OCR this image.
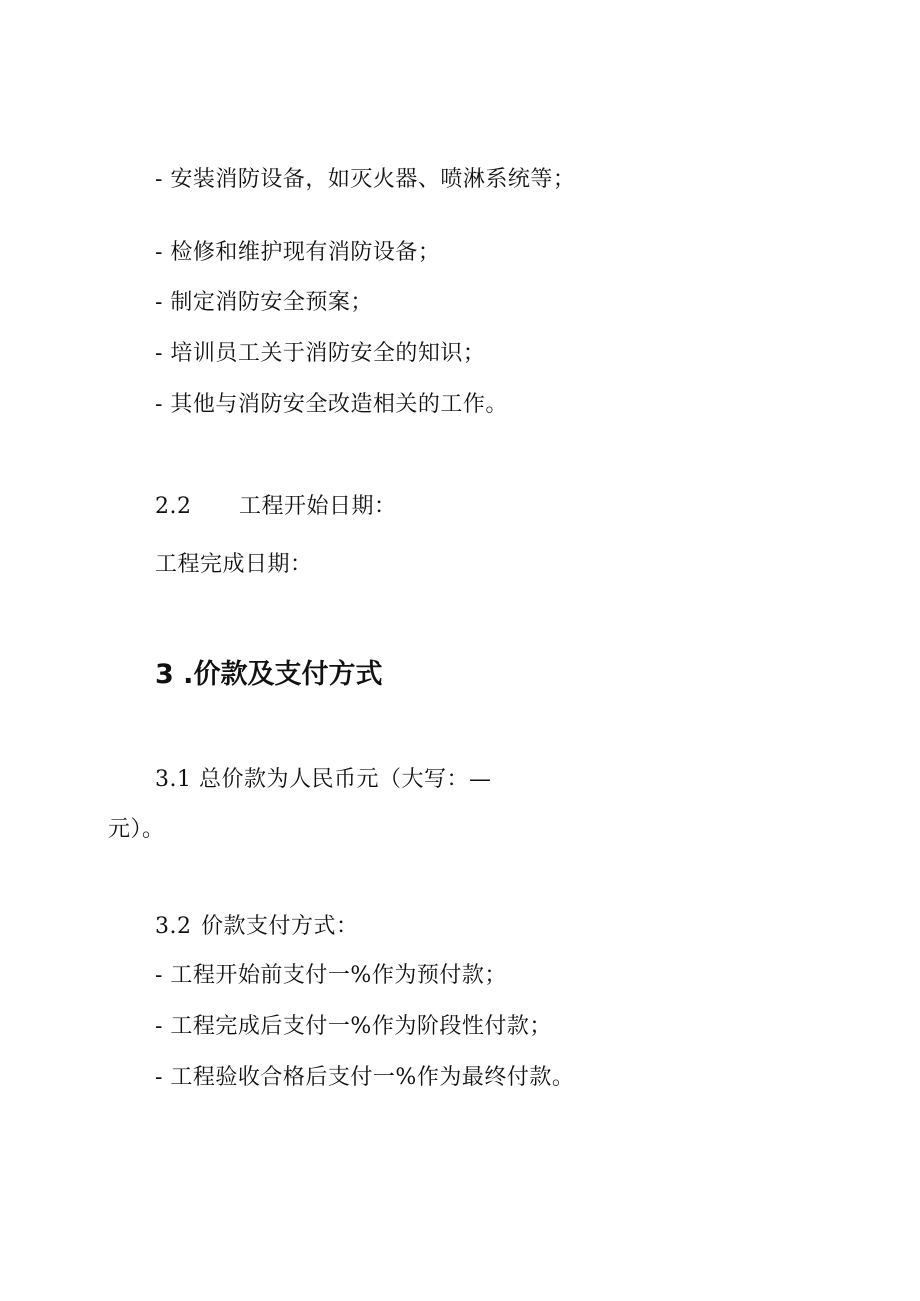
- 安装消防设备，如灭火器、喷淋系统等；
- 检修和维护现有消防设备；
- 制定消防安全预案；
- 培训员工关于消防安全的知识；
- 其他与消防安全改造相关的工作。
2.2 工程开始日期：
工程完成日期：
3 .价款及支付方式
3.1 总价款为人民币元（大写：—
元）。
3.2 价款支付方式：
- 工程开始前支付一%作为预付款；
- 工程完成后支付一%作为阶段性付款；
- 工程验收合格后支付一%作为最终付款。
